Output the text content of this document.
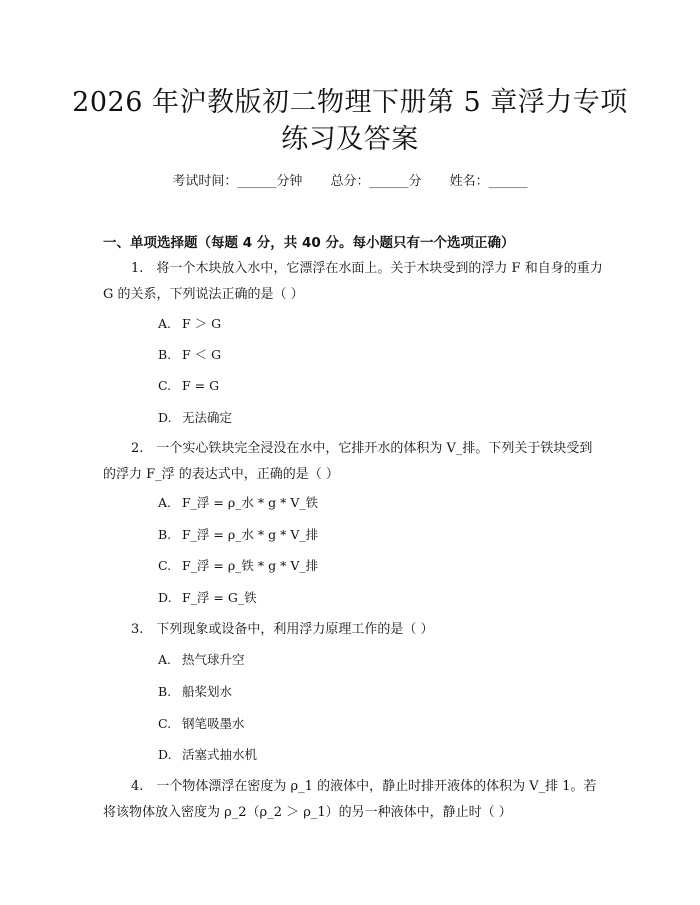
2026 年沪教版初二物理下册第 5 章浮力专项
练习及答案
考试时间：______分钟 总分：______分 姓名：______
一、单项选择题（每题 4 分，共 40 分。每小题只有一个选项正确）
1.　将一个木块放入水中，它漂浮在水面上。关于木块受到的浮力 F 和自身的重力 G 的关系，下列说法正确的是（ ）
A. F ＞ G
B. F ＜ G
C. F = G
D. 无法确定
2.　一个实心铁块完全浸没在水中，它排开水的体积为 V_排。下列关于铁块受到的浮力 F_浮 的表达式中，正确的是（ ）
A. F_浮 = ρ_水 * g * V_铁
B. F_浮 = ρ_水 * g * V_排
C. F_浮 = ρ_铁 * g * V_排
D. F_浮 = G_铁
3.　下列现象或设备中，利用浮力原理工作的是（ ）
A. 热气球升空
B. 船桨划水
C. 钢笔吸墨水
D. 活塞式抽水机
4.　一个物体漂浮在密度为 ρ_1 的液体中，静止时排开液体的体积为 V_排 1。若将该物体放入密度为 ρ_2（ρ_2 ＞ ρ_1）的另一种液体中，静止时（ ）
